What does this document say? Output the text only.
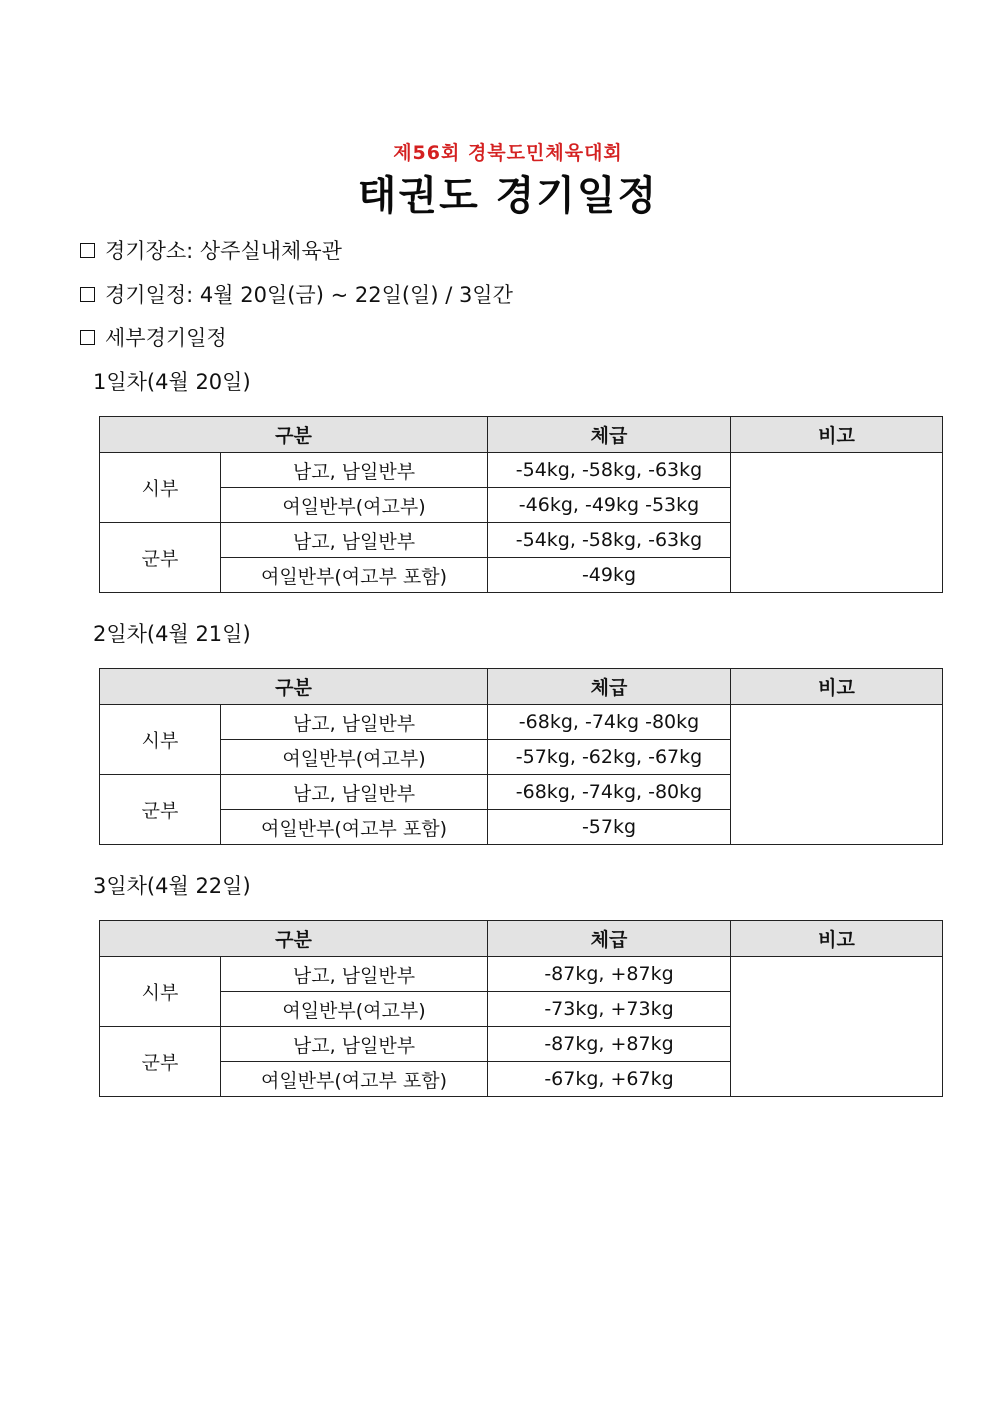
제56회 경북도민체육대회
태권도 경기일정
경기장소: 상주실내체육관
경기일정: 4월 20일(금) ~ 22일(일) / 3일간
세부경기일정
1일차(4월 20일)
구분		체급	비고
시부	남고, 남일반부	-54kg, -58kg, -63kg	
	여일반부(여고부)	-46kg, -49kg -53kg	
군부	남고, 남일반부	-54kg, -58kg, -63kg	
	여일반부(여고부 포함)	-49kg	
2일차(4월 21일)
구분		체급	비고
시부	남고, 남일반부	-68kg, -74kg -80kg	
	여일반부(여고부)	-57kg, -62kg, -67kg	
군부	남고, 남일반부	-68kg, -74kg, -80kg	
	여일반부(여고부 포함)	-57kg	
3일차(4월 22일)
구분		체급	비고
시부	남고, 남일반부	-87kg, +87kg	
	여일반부(여고부)	-73kg, +73kg	
군부	남고, 남일반부	-87kg, +87kg	
	여일반부(여고부 포함)	-67kg, +67kg	
